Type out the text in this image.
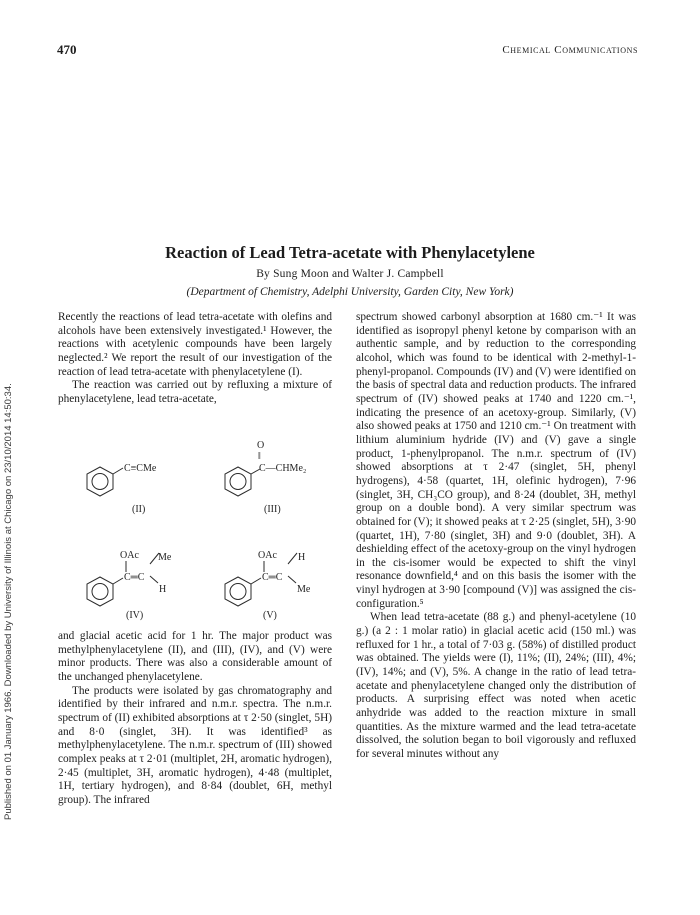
470	Chemical Communications
Published on 01 January 1966. Downloaded by University of Illinois at Chicago on 23/10/2014 14:50:34.
Reaction of Lead Tetra-acetate with Phenylacetylene
By Sung Moon and Walter J. Campbell
(Department of Chemistry, Adelphi University, Garden City, New York)

Recently the reactions of lead tetra-acetate with olefins and alcohols have been extensively investigated.¹ However, the reactions with acetylenic compounds have been largely neglected.² We report the result of our investigation of the reaction of lead tetra-acetate with phenylacetylene (I).

The reaction was carried out by refluxing a mixture of phenylacetylene, lead tetra-acetate,

C≡CMe
(II)
O
‖
C—CHMe₂
(III)
OAc Me
C═C
H
(IV)
OAc H
Me
C═C
(V)

and glacial acetic acid for 1 hr. The major product was methylphenylacetylene (II), and (III), (IV), and (V) were minor products. There was also a considerable amount of the unchanged phenylacetylene.

The products were isolated by gas chromatography and identified by their infrared and n.m.r. spectra. The n.m.r. spectrum of (II) exhibited absorptions at τ 2·50 (singlet, 5H) and 8·0 (singlet, 3H). It was identified³ as methylphenylacetylene. The n.m.r. spectrum of (III) showed complex peaks at τ 2·01 (multiplet, 2H, aromatic hydrogen), 2·45 (multiplet, 3H, aromatic hydrogen), 4·48 (multiplet, 1H, tertiary hydrogen), and 8·84 (doublet, 6H, methyl group). The infrared

spectrum showed carbonyl absorption at 1680 cm.⁻¹ It was identified as isopropyl phenyl ketone by comparison with an authentic sample, and by reduction to the corresponding alcohol, which was found to be identical with 2-methyl-1-phenyl-propanol. Compounds (IV) and (V) were identified on the basis of spectral data and reduction products. The infrared spectrum of (IV) showed peaks at 1740 and 1220 cm.⁻¹, indicating the presence of an acetoxy-group. Similarly, (V) also showed peaks at 1750 and 1210 cm.⁻¹ On treatment with lithium aluminium hydride (IV) and (V) gave a single product, 1-phenylpropanol. The n.m.r. spectrum of (IV) showed absorptions at τ 2·47 (singlet, 5H, phenyl hydrogens), 4·58 (quartet, 1H, olefinic hydrogen), 7·96 (singlet, 3H, CH₃CO group), and 8·24 (doublet, 3H, methyl group on a double bond). A very similar spectrum was obtained for (V); it showed peaks at τ 2·25 (singlet, 5H), 3·90 (quartet, 1H), 7·80 (singlet, 3H) and 9·0 (doublet, 3H). A deshielding effect of the acetoxy-group on the vinyl hydrogen in the cis-isomer would be expected to shift the vinyl resonance downfield,⁴ and on this basis the isomer with the vinyl hydrogen at 3·90 [compound (V)] was assigned the cis-configuration.⁵

When lead tetra-acetate (88 g.) and phenyl-acetylene (10 g.) (a 2 : 1 molar ratio) in glacial acetic acid (150 ml.) was refluxed for 1 hr., a total of 7·03 g. (58%) of distilled product was obtained. The yields were (I), 11%; (II), 24%; (III), 4%; (IV), 14%; and (V), 5%. A change in the ratio of lead tetra-acetate and phenylacetylene changed only the distribution of products. A surprising effect was noted when acetic anhydride was added to the reaction mixture in small quantities. As the mixture warmed and the lead tetra-acetate dissolved, the solution began to boil vigorously and refluxed for several minutes without any
